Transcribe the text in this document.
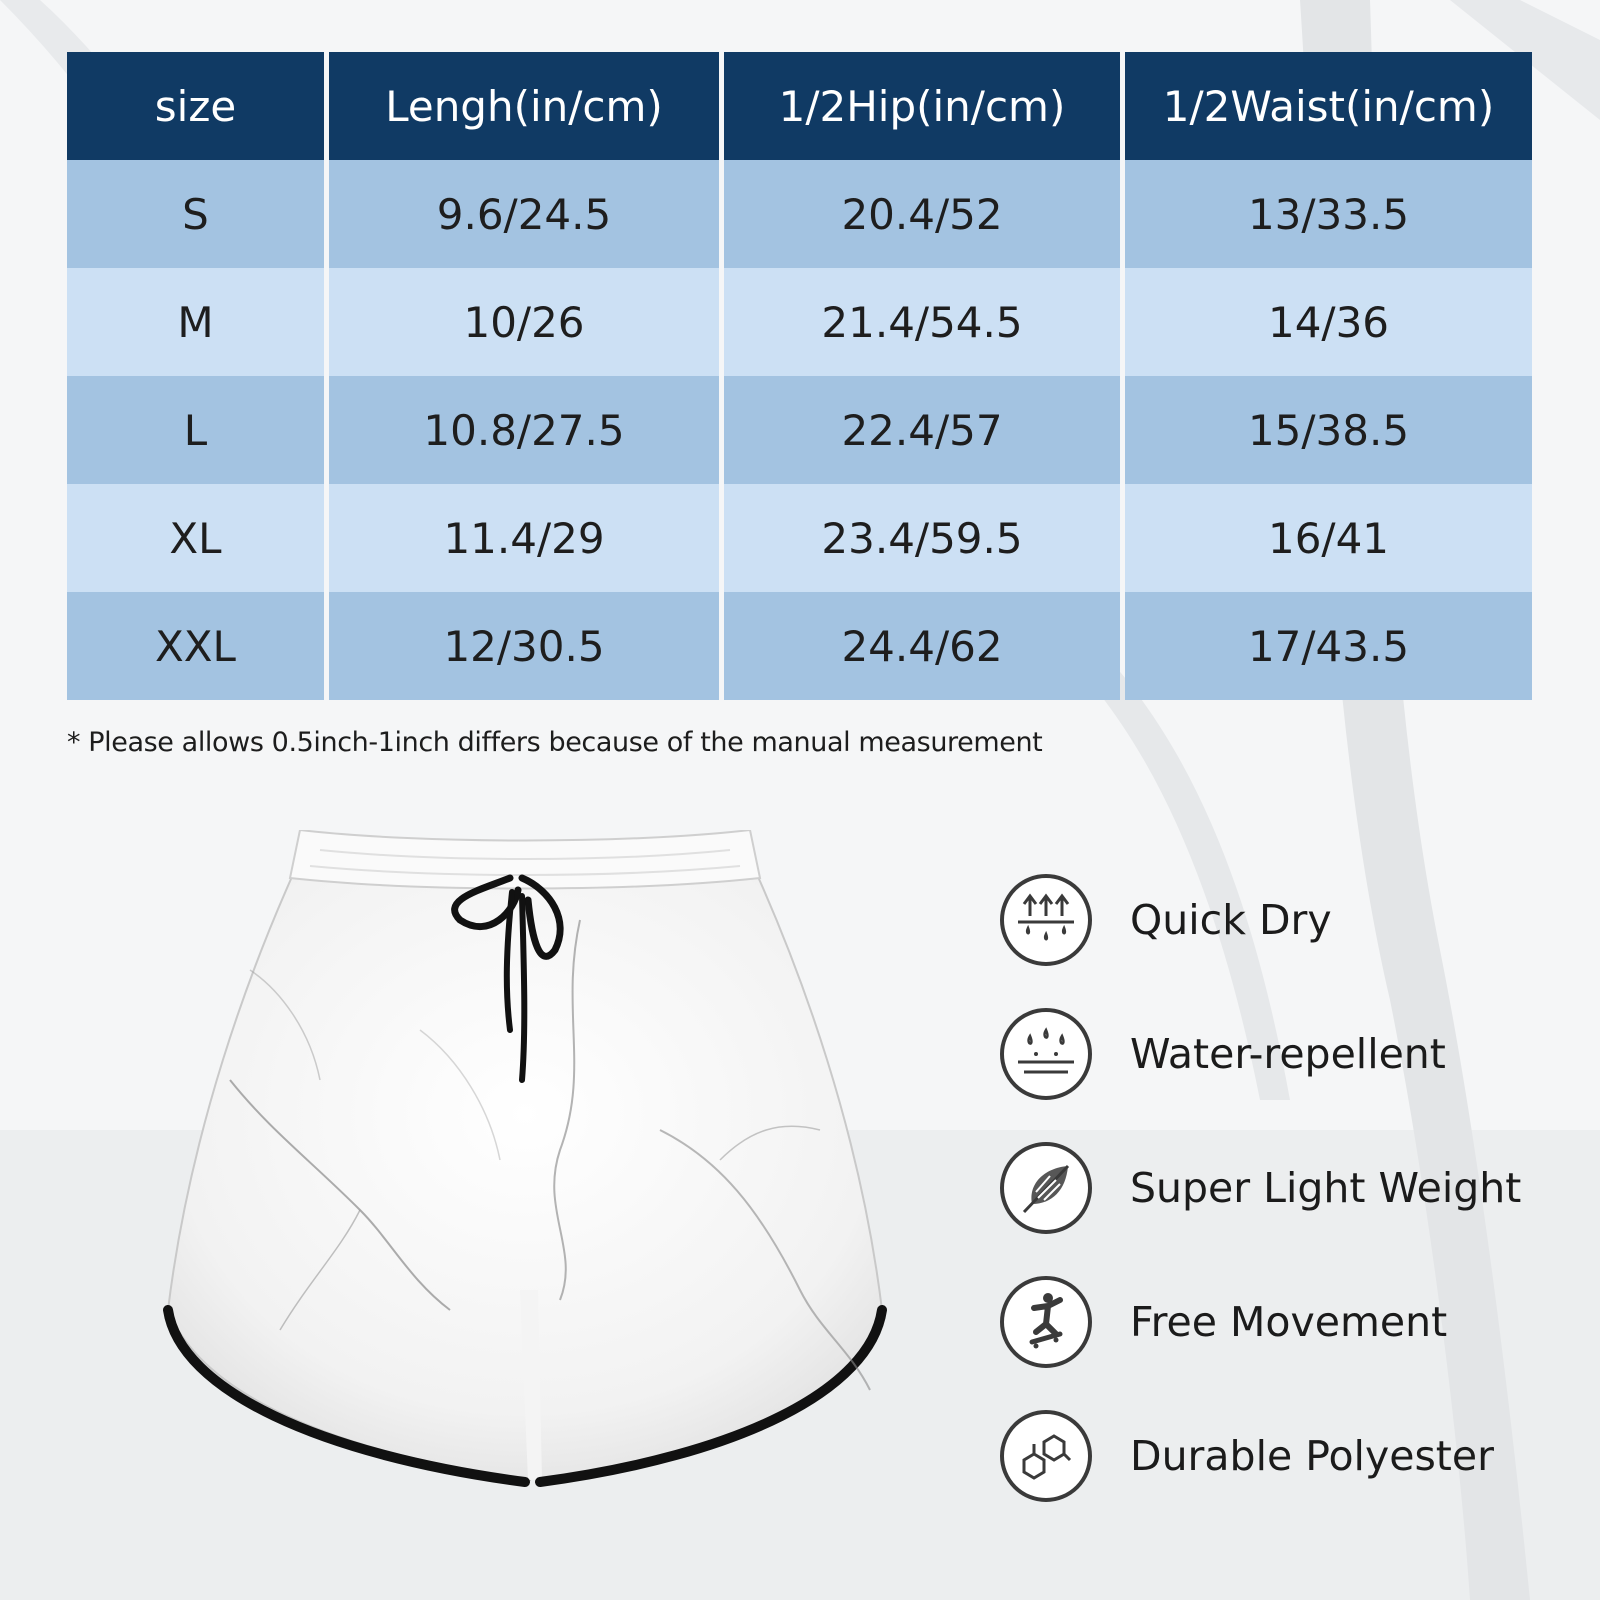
size	Lengh(in/cm)	1/2Hip(in/cm)	1/2Waist(in/cm)
S	9.6/24.5	20.4/52	13/33.5
M	10/26	21.4/54.5	14/36
L	10.8/27.5	22.4/57	15/38.5
XL	11.4/29	23.4/59.5	16/41
XXL	12/30.5	24.4/62	17/43.5
* Please allows 0.5inch-1inch differs because of the manual measurement
Quick Dry
Water-repellent
Super Light Weight
Free Movement
Durable Polyester
